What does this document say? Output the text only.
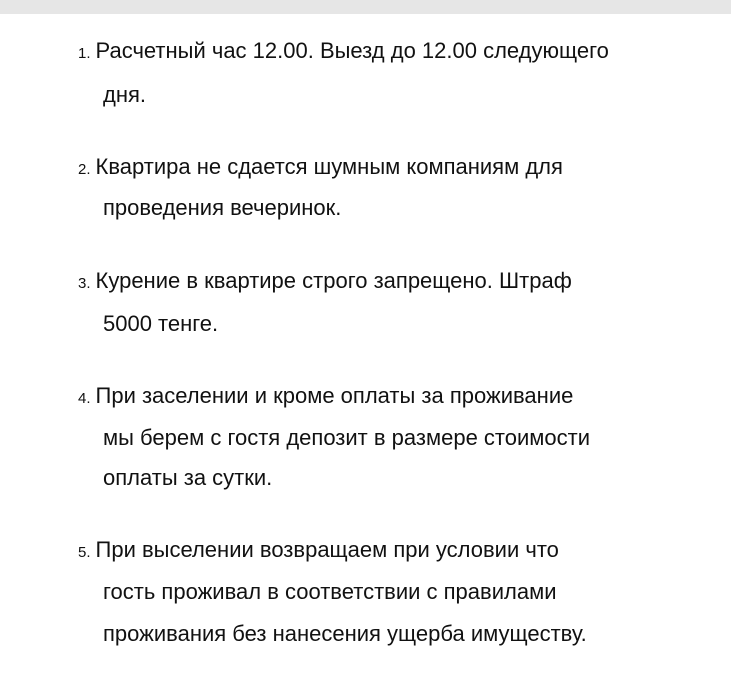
1. Расчетный час 12.00. Выезд до 12.00 следующего
дня.
2. Квартира не сдается шумным компаниям для
проведения вечеринок.
3. Курение в квартире строго запрещено. Штраф
5000 тенге.
4. При заселении и кроме оплаты за проживание
мы берем с гостя депозит в размере стоимости
оплаты за сутки.
5. При выселении возвращаем при условии что
гость проживал в соответствии с правилами
проживания без нанесения ущерба имуществу.
